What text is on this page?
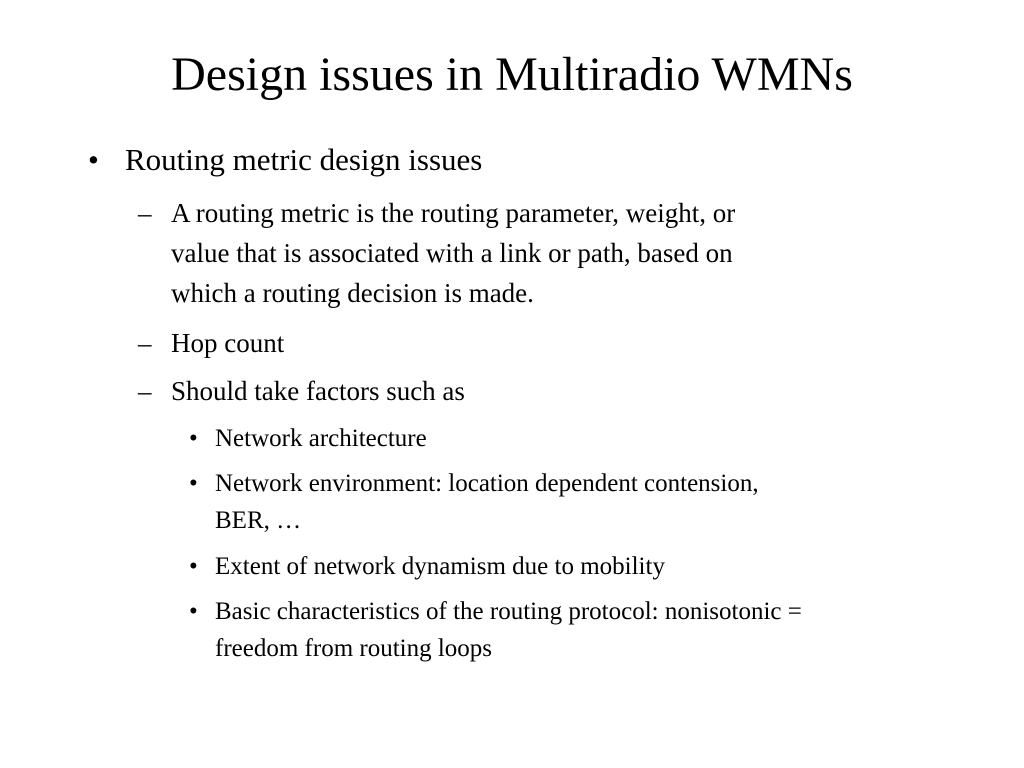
Design issues in Multiradio WMNs
• Routing metric design issues
– A routing metric is the routing parameter, weight, or
value that is associated with a link or path, based on
which a routing decision is made.
– Hop count
– Should take factors such as
• Network architecture
• Network environment: location dependent contension,
BER, …
• Extent of network dynamism due to mobility
• Basic characteristics of the routing protocol: nonisotonic =
freedom from routing loops
